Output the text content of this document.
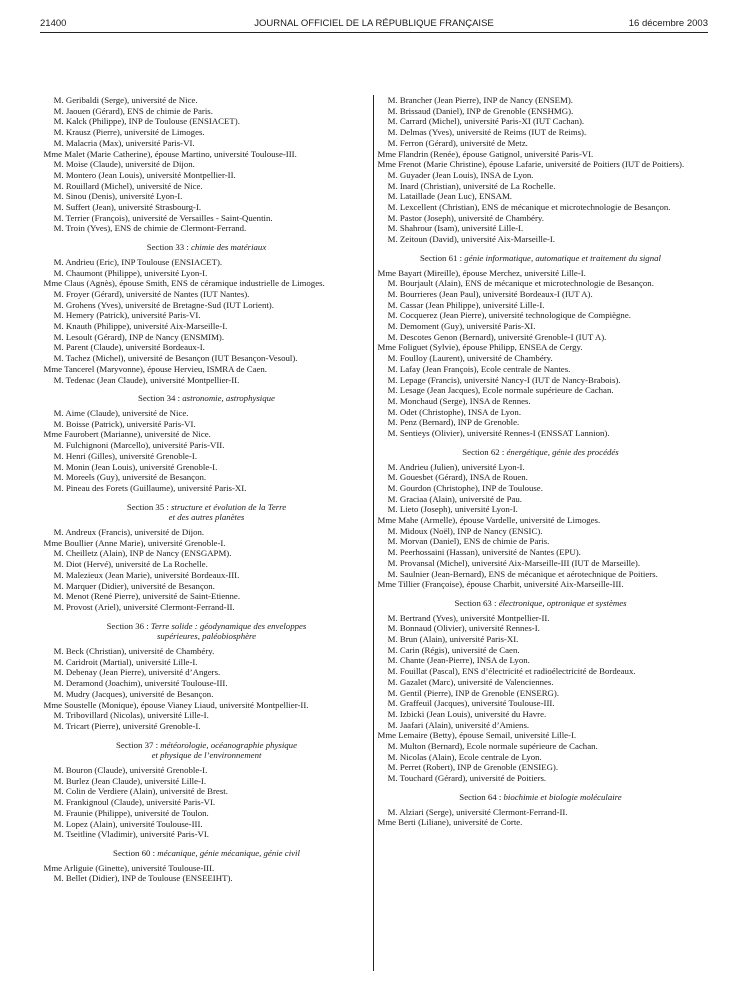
21400	JOURNAL OFFICIEL DE LA RÉPUBLIQUE FRANÇAISE	16 décembre 2003
M. Geribaldi (Serge), université de Nice.
M. Jaouen (Gérard), ENS de chimie de Paris.
M. Kalck (Philippe), INP de Toulouse (ENSIACET).
M. Krausz (Pierre), université de Limoges.
M. Malacria (Max), université Paris-VI.
Mme Malet (Marie Catherine), épouse Martino, université Toulouse-III.
M. Moise (Claude), université de Dijon.
M. Montero (Jean Louis), université Montpellier-II.
M. Rouillard (Michel), université de Nice.
M. Sinou (Denis), université Lyon-I.
M. Suffert (Jean), université Strasbourg-I.
M. Terrier (François), université de Versailles - Saint-Quentin.
M. Troin (Yves), ENS de chimie de Clermont-Ferrand.
Section 33 : chimie des matériaux
M. Andrieu (Eric), INP Toulouse (ENSIACET).
M. Chaumont (Philippe), université Lyon-I.
Mme Claus (Agnès), épouse Smith, ENS de céramique industrielle de Limoges.
M. Froyer (Gérard), université de Nantes (IUT Nantes).
M. Grohens (Yves), université de Bretagne-Sud (IUT Lorient).
M. Hemery (Patrick), université Paris-VI.
M. Knauth (Philippe), université Aix-Marseille-I.
M. Lesoult (Gérard), INP de Nancy (ENSMIM).
M. Parent (Claude), université Bordeaux-I.
M. Tachez (Michel), université de Besançon (IUT Besançon-Vesoul).
Mme Tancerel (Maryvonne), épouse Hervieu, ISMRA de Caen.
M. Tedenac (Jean Claude), université Montpellier-II.
Section 34 : astronomie, astrophysique
M. Aime (Claude), université de Nice.
M. Boisse (Patrick), université Paris-VI.
Mme Faurobert (Marianne), université de Nice.
M. Fulchignoni (Marcello), université Paris-VII.
M. Henri (Gilles), université Grenoble-I.
M. Monin (Jean Louis), université Grenoble-I.
M. Moreels (Guy), université de Besançon.
M. Pineau des Forets (Guillaume), université Paris-XI.
Section 35 : structure et évolution de la Terre
et des autres planètes
M. Andreux (Francis), université de Dijon.
Mme Boullier (Anne Marie), université Grenoble-I.
M. Cheilletz (Alain), INP de Nancy (ENSGAPM).
M. Diot (Hervé), université de La Rochelle.
M. Malezieux (Jean Marie), université Bordeaux-III.
M. Marquer (Didier), université de Besançon.
M. Menot (René Pierre), université de Saint-Etienne.
M. Provost (Ariel), université Clermont-Ferrand-II.
Section 36 : Terre solide : géodynamique des enveloppes
supérieures, paléobiosphère
M. Beck (Christian), université de Chambéry.
M. Caridroit (Martial), université Lille-I.
M. Debenay (Jean Pierre), université d’Angers.
M. Deramond (Joachim), université Toulouse-III.
M. Mudry (Jacques), université de Besançon.
Mme Soustelle (Monique), épouse Vianey Liaud, université Montpellier-II.
M. Tribovillard (Nicolas), université Lille-I.
M. Tricart (Pierre), université Grenoble-I.
Section 37 : météorologie, océanographie physique
et physique de l’environnement
M. Bouron (Claude), université Grenoble-I.
M. Burlez (Jean Claude), université Lille-I.
M. Colin de Verdiere (Alain), université de Brest.
M. Frankignoul (Claude), université Paris-VI.
M. Fraunie (Philippe), université de Toulon.
M. Lopez (Alain), université Toulouse-III.
M. Tseitline (Vladimir), université Paris-VI.
Section 60 : mécanique, génie mécanique, génie civil
Mme Arliguie (Ginette), université Toulouse-III.
M. Bellet (Didier), INP de Toulouse (ENSEEIHT).
M. Brancher (Jean Pierre), INP de Nancy (ENSEM).
M. Brissaud (Daniel), INP de Grenoble (ENSHMG).
M. Carrard (Michel), université Paris-XI (IUT Cachan).
M. Delmas (Yves), université de Reims (IUT de Reims).
M. Ferron (Gérard), université de Metz.
Mme Flandrin (Renée), épouse Gatignol, université Paris-VI.
Mme Frenot (Marie Christine), épouse Lafarie, université de Poitiers (IUT de Poitiers).
M. Guyader (Jean Louis), INSA de Lyon.
M. Inard (Christian), université de La Rochelle.
M. Lataillade (Jean Luc), ENSAM.
M. Lexcellent (Christian), ENS de mécanique et microtechnologie de Besançon.
M. Pastor (Joseph), université de Chambéry.
M. Shahrour (Isam), université Lille-I.
M. Zeitoun (David), université Aix-Marseille-I.
Section 61 : génie informatique, automatique et traitement du signal
Mme Bayart (Mireille), épouse Merchez, université Lille-I.
M. Bourjault (Alain), ENS de mécanique et microtechnologie de Besançon.
M. Bourrieres (Jean Paul), université Bordeaux-I (IUT A).
M. Cassar (Jean Philippe), université Lille-I.
M. Cocquerez (Jean Pierre), université technologique de Compiègne.
M. Demoment (Guy), université Paris-XI.
M. Descotes Genon (Bernard), université Grenoble-I (IUT A).
Mme Foliguet (Sylvie), épouse Philipp, ENSEA de Cergy.
M. Foulloy (Laurent), université de Chambéry.
M. Lafay (Jean François), Ecole centrale de Nantes.
M. Lepage (Francis), université Nancy-I (IUT de Nancy-Brabois).
M. Lesage (Jean Jacques), Ecole normale supérieure de Cachan.
M. Monchaud (Serge), INSA de Rennes.
M. Odet (Christophe), INSA de Lyon.
M. Penz (Bernard), INP de Grenoble.
M. Sentieys (Olivier), université Rennes-I (ENSSAT Lannion).
Section 62 : énergétique, génie des procédés
M. Andrieu (Julien), université Lyon-I.
M. Gouesbet (Gérard), INSA de Rouen.
M. Gourdon (Christophe), INP de Toulouse.
M. Graciaa (Alain), université de Pau.
M. Lieto (Joseph), université Lyon-I.
Mme Mahe (Armelle), épouse Vardelle, université de Limoges.
M. Midoux (Noël), INP de Nancy (ENSIC).
M. Morvan (Daniel), ENS de chimie de Paris.
M. Peerhossaini (Hassan), université de Nantes (EPU).
M. Provansal (Michel), université Aix-Marseille-III (IUT de Marseille).
M. Saulnier (Jean-Bernard), ENS de mécanique et aérotechnique de Poitiers.
Mme Tillier (Françoise), épouse Charbit, université Aix-Marseille-III.
Section 63 : électronique, optronique et systèmes
M. Bertrand (Yves), université Montpellier-II.
M. Bonnaud (Olivier), université Rennes-I.
M. Brun (Alain), université Paris-XI.
M. Carin (Régis), université de Caen.
M. Chante (Jean-Pierre), INSA de Lyon.
M. Fouillat (Pascal), ENS d’électricité et radioélectricité de Bordeaux.
M. Gazalet (Marc), université de Valenciennes.
M. Gentil (Pierre), INP de Grenoble (ENSERG).
M. Graffeuil (Jacques), université Toulouse-III.
M. Izbicki (Jean Louis), université du Havre.
M. Jaafari (Alain), université d’Amiens.
Mme Lemaire (Betty), épouse Semail, université Lille-I.
M. Multon (Bernard), Ecole normale supérieure de Cachan.
M. Nicolas (Alain), Ecole centrale de Lyon.
M. Perret (Robert), INP de Grenoble (ENSIEG).
M. Touchard (Gérard), université de Poitiers.
Section 64 : biochimie et biologie moléculaire
M. Alziari (Serge), université Clermont-Ferrand-II.
Mme Berti (Liliane), université de Corte.
